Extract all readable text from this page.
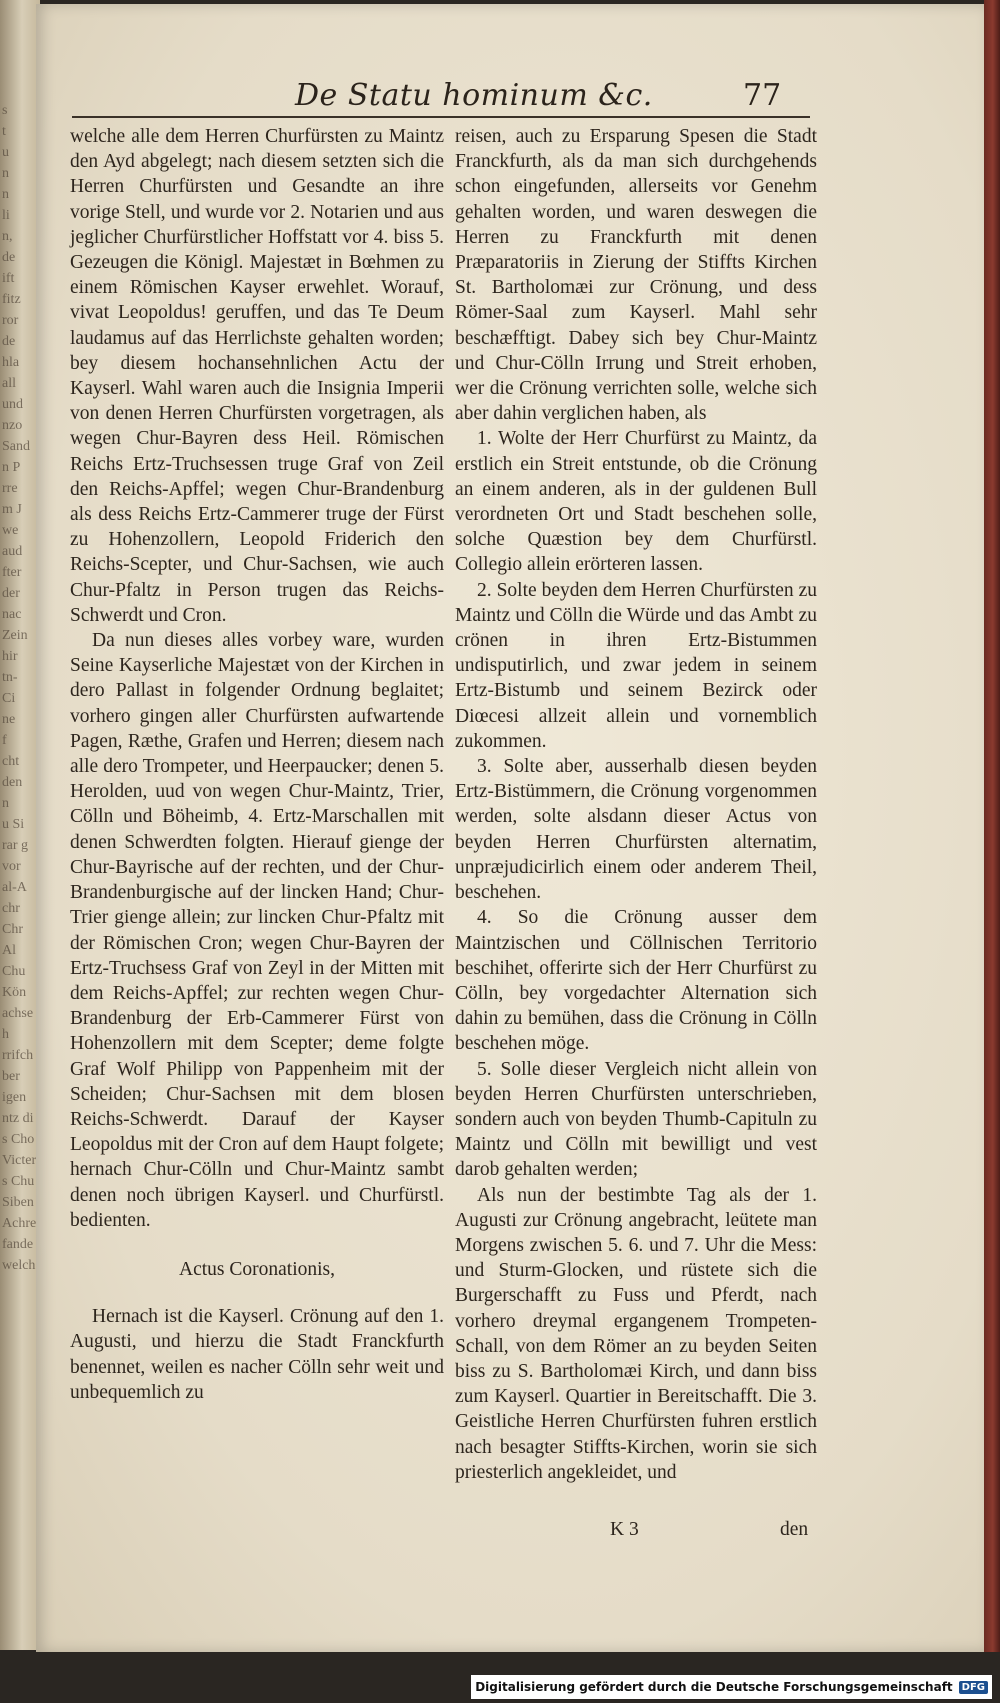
s
t
u
n
n
li
n,
de
ift
fitz
ror
de
hla
all
und
nzo
Sand
n P
rre
m J
we
aud
fter
der
nac
Zein
hir
tn-
Ci
ne
f
cht
den
n
u Si
rar g
vor
al-A
chr
Chr
Al
Chu
Kön
achse
h
rrifch
ber
igen
ntz di
s Cho
Victer
s Chu
Siben
Achre
fande
welch
De Statu hominum &c.	77

welche alle dem Herren Churfürsten zu Maintz den Ayd abgelegt; nach diesem setzten sich die Herren Churfürsten und Gesandte an ihre vorige Stell, und wurde vor 2. Notarien und aus jeglicher Churfürstlicher Hoffstatt vor 4. biss 5. Gezeugen die Königl. Majestæt in Bœhmen zu einem Römischen Kayser erwehlet. Worauf, vivat Leopoldus! geruffen, und das Te Deum laudamus auf das Herrlichste gehalten worden; bey diesem hochansehnlichen Actu der Kayserl. Wahl waren auch die Insignia Imperii von denen Herren Churfürsten vorgetragen, als wegen Chur-Bayren dess Heil. Römischen Reichs Ertz-Truchsessen truge Graf von Zeil den Reichs-Apffel; wegen Chur-Brandenburg als dess Reichs Ertz-Cammerer truge der Fürst zu Hohenzollern, Leopold Friderich den Reichs-Scepter, und Chur-Sachsen, wie auch Chur-Pfaltz in Person trugen das Reichs-Schwerdt und Cron.

Da nun dieses alles vorbey ware, wurden Seine Kayserliche Majestæt von der Kirchen in dero Pallast in folgender Ordnung beglaitet; vorhero gingen aller Churfürsten aufwartende Pagen, Ræthe, Grafen und Herren; diesem nach alle dero Trompeter, und Heerpaucker; denen 5. Herolden, uud von wegen Chur-Maintz, Trier, Cölln und Böheimb, 4. Ertz-Marschallen mit denen Schwerdten folgten. Hierauf gienge der Chur-Bayrische auf der rechten, und der Chur-Brandenburgische auf der lincken Hand; Chur-Trier gienge allein; zur lincken Chur-Pfaltz mit der Römischen Cron; wegen Chur-Bayren der Ertz-Truchsess Graf von Zeyl in der Mitten mit dem Reichs-Apffel; zur rechten wegen Chur-Brandenburg der Erb-Cammerer Fürst von Hohenzollern mit dem Scepter; deme folgte Graf Wolf Philipp von Pappenheim mit der Scheiden; Chur-Sachsen mit dem blosen Reichs-Schwerdt. Darauf der Kayser Leopoldus mit der Cron auf dem Haupt folgete; hernach Chur-Cölln und Chur-Maintz sambt denen noch übrigen Kayserl. und Churfürstl. bedienten.

Actus Coronationis,

Hernach ist die Kayserl. Crönung auf den 1. Augusti, und hierzu die Stadt Franckfurth benennet, weilen es nacher Cölln sehr weit und unbequemlich zu

reisen, auch zu Ersparung Spesen die Stadt Franckfurth, als da man sich durchgehends schon eingefunden, allerseits vor Genehm gehalten worden, und waren deswegen die Herren zu Franckfurth mit denen Præparatoriis in Zierung der Stiffts Kirchen St. Bartholomæi zur Crönung, und dess Römer-Saal zum Kayserl. Mahl sehr beschæfftigt. Dabey sich bey Chur-Maintz und Chur-Cölln Irrung und Streit erhoben, wer die Crönung verrichten solle, welche sich aber dahin verglichen haben, als

1. Wolte der Herr Churfürst zu Maintz, da erstlich ein Streit entstunde, ob die Crönung an einem anderen, als in der guldenen Bull verordneten Ort und Stadt beschehen solle, solche Quæstion bey dem Churfürstl. Collegio allein erörteren lassen.

2. Solte beyden dem Herren Churfürsten zu Maintz und Cölln die Würde und das Ambt zu crönen in ihren Ertz-Bistummen undisputirlich, und zwar jedem in seinem Ertz-Bistumb und seinem Bezirck oder Diœcesi allzeit allein und vornemblich zukommen.

3. Solte aber, ausserhalb diesen beyden Ertz-Bistümmern, die Crönung vorgenommen werden, solte alsdann dieser Actus von beyden Herren Churfürsten alternatim, unpræjudicirlich einem oder anderem Theil, beschehen.

4. So die Crönung ausser dem Maintzischen und Cöllnischen Territorio beschihet, offerirte sich der Herr Churfürst zu Cölln, bey vorgedachter Alternation sich dahin zu bemühen, dass die Crönung in Cölln beschehen möge.

5. Solle dieser Vergleich nicht allein von beyden Herren Churfürsten unterschrieben, sondern auch von beyden Thumb-Capituln zu Maintz und Cölln mit bewilligt und vest darob gehalten werden;

Als nun der bestimbte Tag als der 1. Augusti zur Crönung angebracht, leütete man Morgens zwischen 5. 6. und 7. Uhr die Mess: und Sturm-Glocken, und rüstete sich die Burgerschafft zu Fuss und Pferdt, nach vorhero dreymal ergangenem Trompeten-Schall, von dem Römer an zu beyden Seiten biss zu S. Bartholomæi Kirch, und dann biss zum Kayserl. Quartier in Bereitschafft. Die 3. Geistliche Herren Churfürsten fuhren erstlich nach besagter Stiffts-Kirchen, worin sie sich priesterlich angekleidet, und

K 3	den
Digitalisierung gefördert durch die Deutsche Forschungsgemeinschaft DFG
